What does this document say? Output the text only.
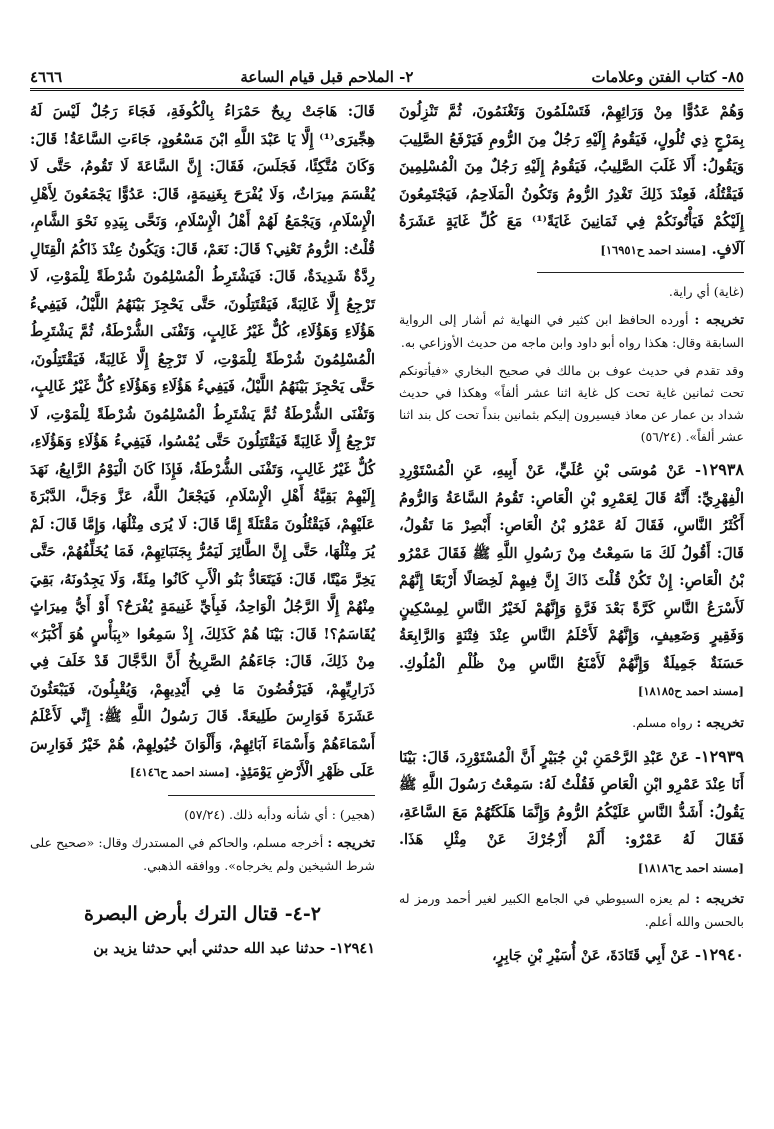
٨٥- كتاب الفتن وعلامات
٢- الملاحم قبل قيام الساعة
٤٦٦٦

وَهُمْ عَدُوًّا مِنْ وَرَائِهِمْ، فَتَسْلَمُونَ وَتَغْنَمُونَ، ثُمَّ تَنْزِلُونَ بِمَرْجٍ ذِي تُلُولٍ، فَيَقُومُ إِلَيْهِ رَجُلٌ مِنَ الرُّومِ فَيَرْفَعُ الصَّلِيبَ وَيَقُولُ: أَلَا غَلَبَ الصَّلِيبُ، فَيَقُومُ إِلَيْهِ رَجُلٌ مِنَ الْمُسْلِمِينَ فَيَقْتُلُهُ، فَعِنْدَ ذَلِكَ تَغْدِرُ الرُّومُ وَتَكُونُ الْمَلَاحِمُ، فَيَجْتَمِعُونَ إِلَيْكُمْ فَيَأْتُونَكُمْ فِي ثَمَانِينَ غَايَةً⁽¹⁾ مَعَ كُلِّ غَايَةٍ عَشَرَةُ آلَافٍ. [مسند احمد ح١٦٩٥١]

(غاية) أي راية.

تخريجه : أورده الحافظ ابن كثير في النهاية ثم أشار إلى الرواية السابقة وقال: هكذا رواه أبو داود وابن ماجه من حديث الأوزاعي به.

وقد تقدم في حديث عوف بن مالك في صحيح البخاري «فيأتونكم تحت ثمانين غاية تحت كل غاية اثنا عشر ألفاً» وهكذا في حديث شداد بن عمار عن معاذ فيسيرون إليكم بثمانين بنداً تحت كل بند اثنا عشر ألفاً». (٥٦/٢٤)

١٢٩٣٨- عَنْ مُوسَى بْنِ عُلَيٍّ، عَنْ أَبِيهِ، عَنِ الْمُسْتَوْرِدِ الْفِهْرِيِّ: أَنَّهُ قَالَ لِعَمْرِو بْنِ الْعَاصِ: تَقُومُ السَّاعَةُ وَالرُّومُ أَكْثَرُ النَّاسِ، فَقَالَ لَهُ عَمْرُو بْنُ الْعَاصِ: أَبْصِرْ مَا تَقُولُ، قَالَ: أَقُولُ لَكَ مَا سَمِعْتُ مِنْ رَسُولِ اللَّهِ ﷺ فَقَالَ عَمْرُو بْنُ الْعَاصِ: إِنْ تَكُنْ قُلْتَ ذَاكَ إِنَّ فِيهِمْ لَخِصَالًا أَرْبَعًا إِنَّهُمْ لَأَسْرَعُ النَّاسِ كَرَّةً بَعْدَ فَرَّةٍ وَإِنَّهُمْ لَخَيْرُ النَّاسِ لِمِسْكِينٍ وَفَقِيرٍ وَضَعِيفٍ، وَإِنَّهُمْ لَأَحْلَمُ النَّاسِ عِنْدَ فِتْنَةٍ وَالرَّابِعَةُ حَسَنَةٌ جَمِيلَةٌ وَإِنَّهُمْ لَأَمْنَعُ النَّاسِ مِنْ ظُلْمِ الْمُلُوكِ. [مسند احمد ح١٨١٨٥]

تخريجه : رواه مسلم.

١٢٩٣٩- عَنْ عَبْدِ الرَّحْمَنِ بْنِ جُبَيْرٍ أَنَّ الْمُسْتَوْرِدَ، قَالَ: بَيْنَا أَنَا عِنْدَ عَمْرِو ابْنِ الْعَاصِ فَقُلْتُ لَهُ: سَمِعْتُ رَسُولَ اللَّهِ ﷺ يَقُولُ: أَشَدُّ النَّاسِ عَلَيْكُمُ الرُّومُ وَإِنَّمَا هَلَكَتُهُمْ مَعَ السَّاعَةِ، فَقَالَ لَهُ عَمْرٌو: أَلَمْ أَزْجُرْكَ عَنْ مِثْلِ هَذَا. [مسند احمد ح١٨١٨٦]

تخريجه : لم يعزه السيوطي في الجامع الكبير لغير أحمد ورمز له بالحسن والله أعلم.

١٢٩٤٠- عَنْ أَبِي قَتَادَةَ، عَنْ أُسَيْرِ بْنِ جَابِرٍ،

قَالَ: هَاجَتْ رِيحٌ حَمْرَاءُ بِالْكُوفَةِ، فَجَاءَ رَجُلٌ لَيْسَ لَهُ هِجِّيرَى⁽¹⁾ إِلَّا يَا عَبْدَ اللَّهِ ابْنَ مَسْعُودٍ، جَاءَتِ السَّاعَةُ! قَالَ: وَكَانَ مُتَّكِئًا، فَجَلَسَ، فَقَالَ: إِنَّ السَّاعَةَ لَا تَقُومُ، حَتَّى لَا يُقْسَمَ مِيرَاثٌ، وَلَا يُفْرَحَ بِغَنِيمَةٍ، قَالَ: عَدُوًّا يَجْمَعُونَ لِأَهْلِ الْإِسْلَامِ، وَيَجْمَعُ لَهُمْ أَهْلُ الْإِسْلَامِ، وَنَحَّى بِيَدِهِ نَحْوَ الشَّامِ، قُلْتُ: الرُّومُ تَعْنِي؟ قَالَ: نَعَمْ، قَالَ: وَيَكُونُ عِنْدَ ذَاكُمُ الْقِتَالِ رِدَّةٌ شَدِيدَةٌ، قَالَ: فَيَشْتَرِطُ الْمُسْلِمُونَ شُرْطَةً لِلْمَوْتِ، لَا تَرْجِعُ إِلَّا غَالِبَةً، فَيَقْتَتِلُونَ، حَتَّى يَحْجِزَ بَيْنَهُمُ اللَّيْلُ، فَيَفِيءُ هَؤُلَاءِ وَهَؤُلَاءِ، كُلٌّ غَيْرُ غَالِبٍ، وَتَفْنَى الشُّرْطَةُ، ثُمَّ يَشْتَرِطُ الْمُسْلِمُونَ شُرْطَةً لِلْمَوْتِ، لَا تَرْجِعُ إِلَّا غَالِبَةً، فَيَقْتَتِلُونَ، حَتَّى يَحْجِزَ بَيْنَهُمُ اللَّيْلُ، فَيَفِيءُ هَؤُلَاءِ وَهَؤُلَاءِ كُلٌّ غَيْرُ غَالِبٍ، وَتَفْنَى الشُّرْطَةُ ثُمَّ يَشْتَرِطُ الْمُسْلِمُونَ شُرْطَةً لِلْمَوْتِ، لَا تَرْجِعُ إِلَّا غَالِبَةً فَيَقْتَتِلُونَ حَتَّى يُمْسُوا، فَيَفِيءُ هَؤُلَاءِ وَهَؤُلَاءِ، كُلٌّ غَيْرُ غَالِبٍ، وَتَفْنَى الشُّرْطَةُ، فَإِذَا كَانَ الْيَوْمُ الرَّابِعُ، نَهَدَ إِلَيْهِمْ بَقِيَّةُ أَهْلِ الْإِسْلَامِ، فَيَجْعَلُ اللَّهُ، عَزَّ وَجَلَّ، الدَّبْرَةَ عَلَيْهِمْ، فَيَقْتُلُونَ مَقْتَلَةً إِمَّا قَالَ: لَا يُرَى مِثْلُهَا، وَإِمَّا قَالَ: لَمْ يُرَ مِثْلُهَا، حَتَّى إِنَّ الطَّائِرَ لَيَمُرُّ بِجَنَبَاتِهِمْ، فَمَا يُخَلِّفُهُمْ، حَتَّى يَخِرَّ مَيْتًا، قَالَ: فَيَتَعَادُّ بَنُو الْأَبِ كَانُوا مِئَةً، وَلَا يَجِدُونَهُ، بَقِيَ مِنْهُمْ إِلَّا الرَّجُلُ الْوَاحِدُ، فَبِأَيِّ غَنِيمَةٍ يُفْرَحُ؟ أَوْ أَيُّ مِيرَاثٍ يُقَاسَمُ؟! قَالَ: بَيْنَا هُمْ كَذَلِكَ، إِذْ سَمِعُوا «بِبَأْسٍ هُوَ أَكْبَرُ» مِنْ ذَلِكَ، قَالَ: جَاءَهُمُ الصَّرِيخُ أَنَّ الدَّجَّالَ قَدْ خَلَفَ فِي ذَرَارِيِّهِمْ، فَيَرْفُضُونَ مَا فِي أَيْدِيهِمْ، وَيُقْبِلُونَ، فَيَبْعَثُونَ عَشَرَةَ فَوَارِسَ طَلِيعَةً. قَالَ رَسُولُ اللَّهِ ﷺ: إِنِّي لَأَعْلَمُ أَسْمَاءَهُمْ وَأَسْمَاءَ آبَائِهِمْ، وَأَلْوَانَ خُيُولِهِمْ، هُمْ خَيْرُ فَوَارِسَ عَلَى ظَهْرِ الْأَرْضِ يَوْمَئِذٍ. [مسند احمد ح٤١٤٦]

(هجير) : أي شأنه ودأبه ذلك. (٥٧/٢٤)

تخريجه : أخرجه مسلم، والحاكم في المستدرك وقال: «صحيح على شرط الشيخين ولم يخرجاه». ووافقه الذهبي.

٢-٤- قتال الترك بأرض البصرة

١٢٩٤١- حدثنا عبد الله حدثني أبي حدثنا يزيد بن
